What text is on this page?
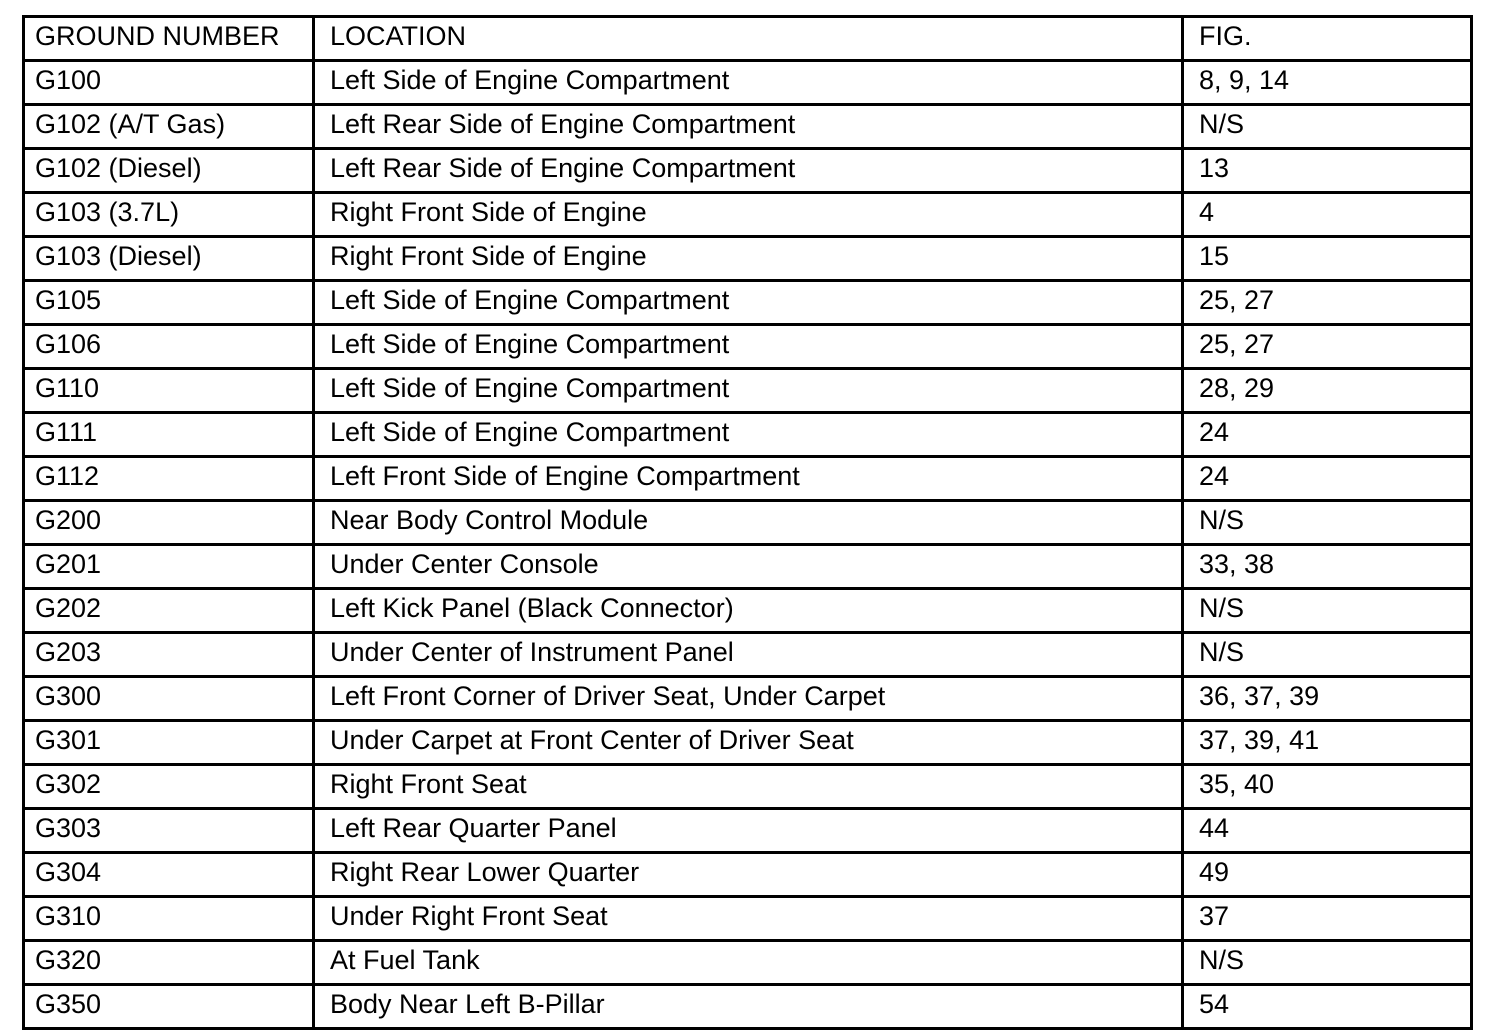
GROUND NUMBER	LOCATION	FIG.
G100	Left Side of Engine Compartment	8, 9, 14
G102 (A/T Gas)	Left Rear Side of Engine Compartment	N/S
G102 (Diesel)	Left Rear Side of Engine Compartment	13
G103 (3.7L)	Right Front Side of Engine	4
G103 (Diesel)	Right Front Side of Engine	15
G105	Left Side of Engine Compartment	25, 27
G106	Left Side of Engine Compartment	25, 27
G110	Left Side of Engine Compartment	28, 29
G111	Left Side of Engine Compartment	24
G112	Left Front Side of Engine Compartment	24
G200	Near Body Control Module	N/S
G201	Under Center Console	33, 38
G202	Left Kick Panel (Black Connector)	N/S
G203	Under Center of Instrument Panel	N/S
G300	Left Front Corner of Driver Seat, Under Carpet	36, 37, 39
G301	Under Carpet at Front Center of Driver Seat	37, 39, 41
G302	Right Front Seat	35, 40
G303	Left Rear Quarter Panel	44
G304	Right Rear Lower Quarter	49
G310	Under Right Front Seat	37
G320	At Fuel Tank	N/S
G350	Body Near Left B-Pillar	54
